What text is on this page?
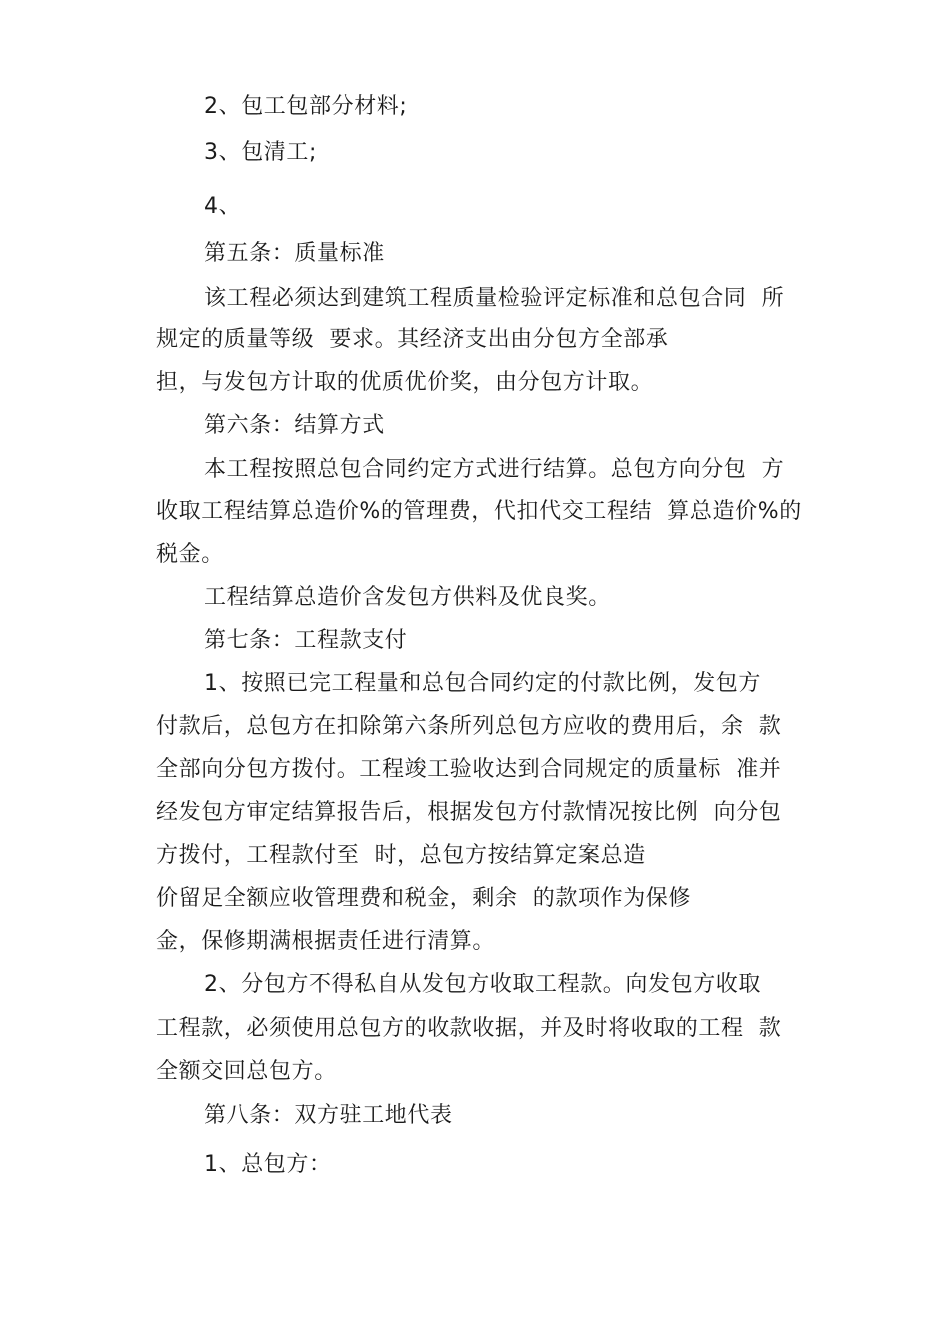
2、包工包部分材料;
3、包清工;
4、
第五条：质量标准
该工程必须达到建筑工程质量检验评定标准和总包合同  所
规定的质量等级  要求。其经济支出由分包方全部承
担，与发包方计取的优质优价奖，由分包方计取。
第六条：结算方式
本工程按照总包合同约定方式进行结算。总包方向分包  方
收取工程结算总造价%的管理费，代扣代交工程结  算总造价%的
税金。
工程结算总造价含发包方供料及优良奖。
第七条：工程款支付
1、按照已完工程量和总包合同约定的付款比例，发包方
付款后，总包方在扣除第六条所列总包方应收的费用后，余  款
全部向分包方拨付。工程竣工验收达到合同规定的质量标  准并
经发包方审定结算报告后，根据发包方付款情况按比例  向分包
方拨付，工程款付至  时，总包方按结算定案总造
价留足全额应收管理费和税金，剩余  的款项作为保修
金，保修期满根据责任进行清算。
2、分包方不得私自从发包方收取工程款。向发包方收取
工程款，必须使用总包方的收款收据，并及时将收取的工程  款
全额交回总包方。
第八条：双方驻工地代表
1、总包方：
